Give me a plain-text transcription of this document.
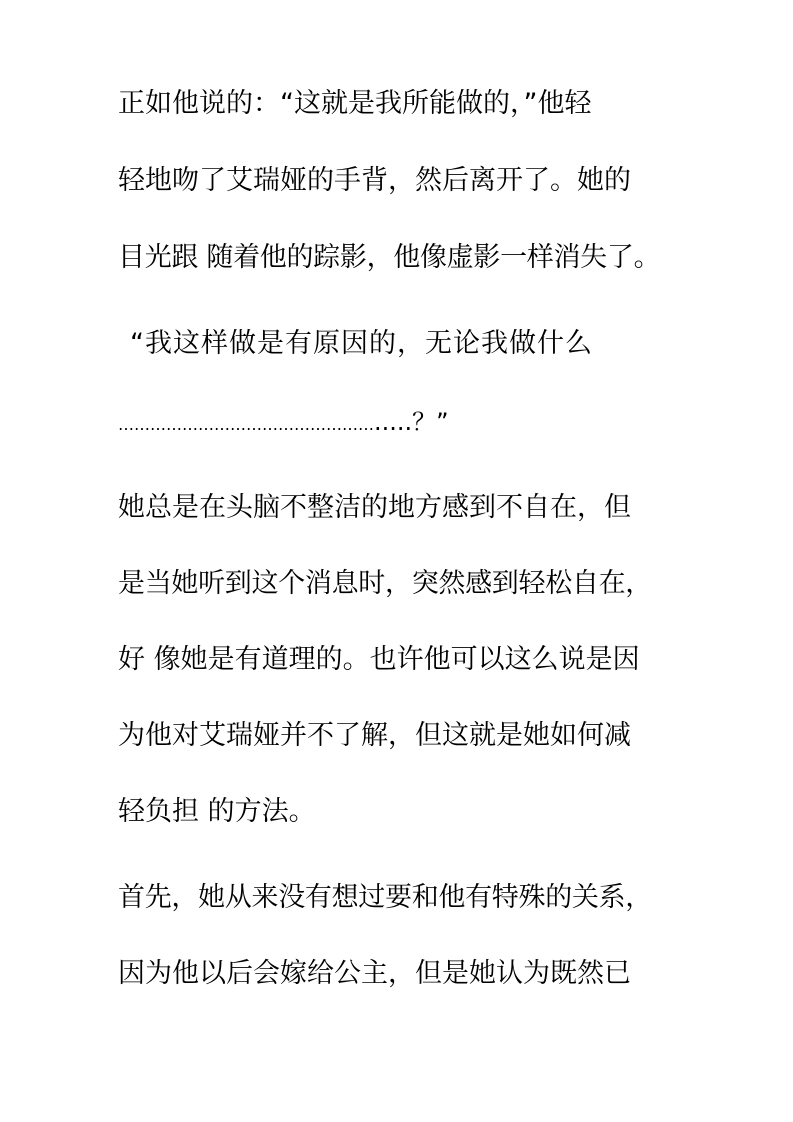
正如他说的：“这就是我所能做的，”他轻
轻地吻了艾瑞娅的手背，然后离开了。她的
目光跟 随着他的踪影，他像虚影一样消失了。
“我这样做是有原因的，无论我做什么
………………………………………….....？”
她总是在头脑不整洁的地方感到不自在，但
是当她听到这个消息时，突然感到轻松自在，
好 像她是有道理的。也许他可以这么说是因
为他对艾瑞娅并不了解，但这就是她如何减
轻负担 的方法。
首先，她从来没有想过要和他有特殊的关系，
因为他以后会嫁给公主，但是她认为既然已
